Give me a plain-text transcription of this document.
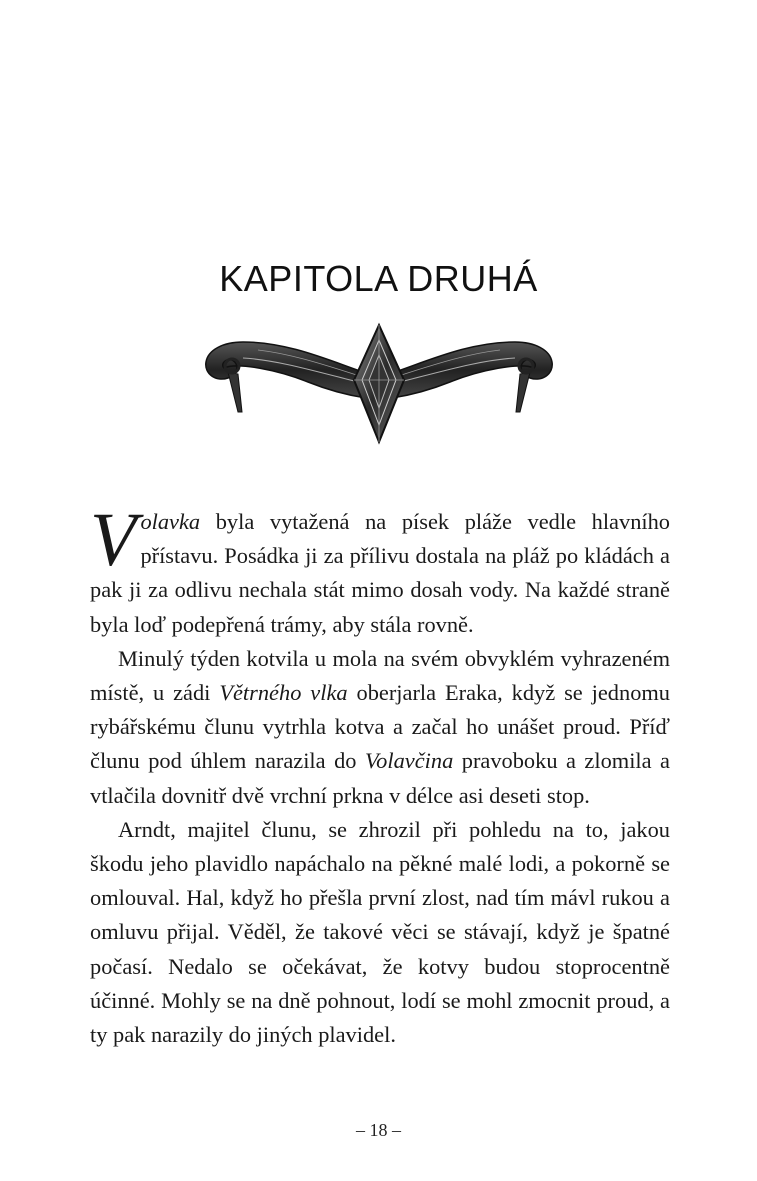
KAPITOLA DRUHÁ

Volavka byla vytažená na písek pláže vedle hlavního přístavu. Posádka ji za přílivu dostala na pláž po kládách a pak ji za odlivu nechala stát mimo dosah vody. Na každé straně byla loď podepřená trámy, aby stála rovně.

Minulý týden kotvila u mola na svém obvyklém vyhrazeném místě, u zádi Větrného vlka oberjarla Eraka, když se jednomu rybářskému člunu vytrhla kotva a začal ho unášet proud. Příď člunu pod úhlem narazila do Volavčina pravoboku a zlomila a vtlačila dovnitř dvě vrchní prkna v délce asi deseti stop.

Arndt, majitel člunu, se zhrozil při pohledu na to, jakou škodu jeho plavidlo napáchalo na pěkné malé lodi, a pokorně se omlouval. Hal, když ho přešla první zlost, nad tím mávl rukou a omluvu přijal. Věděl, že takové věci se stávají, když je špatné počasí. Nedalo se očekávat, že kotvy budou stoprocentně účinné. Mohly se na dně pohnout, lodí se mohl zmocnit proud, a ty pak narazily do jiných plavidel.

– 18 –
